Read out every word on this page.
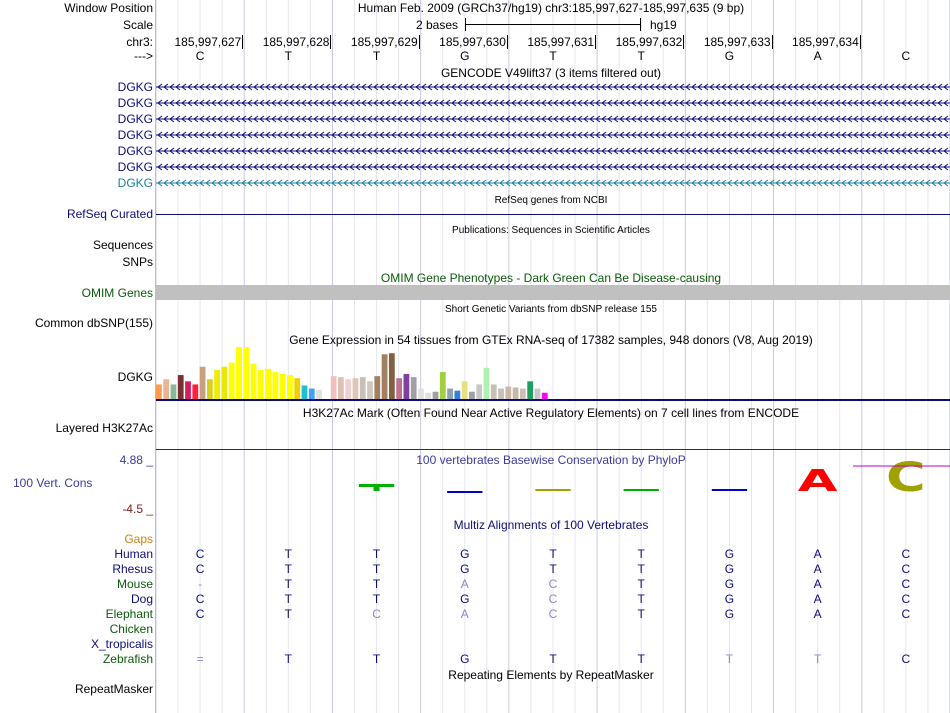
Window Position	Human Feb. 2009 (GRCh37/hg19) chr3:185,997,627-185,997,635 (9 bp)
Scale	2 bases	hg19
chr3: 185,997,627 185,997,628 185,997,629 185,997,630 185,997,631 185,997,632 185,997,633 185,997,634
--->	C	T	T	G	T	T	G	A	C
GENCODE V49lift37 (3 items filtered out)
DGKG
DGKG
DGKG
DGKG
DGKG
DGKG
DGKG
RefSeq genes from NCBI
RefSeq Curated
Publications: Sequences in Scientific Articles
Sequences
SNPs
OMIM Gene Phenotypes - Dark Green Can Be Disease-causing
OMIM Genes
Short Genetic Variants from dbSNP release 155
Common dbSNP(155)
Gene Expression in 54 tissues from GTEx RNA-seq of 17382 samples, 948 donors (V8, Aug 2019)
DGKG
H3K27Ac Mark (Often Found Near Active Regulatory Elements) on 7 cell lines from ENCODE
Layered H3K27Ac
100 vertebrates Basewise Conservation by PhyloP
4.88 _
100 Vert. Cons
-4.5 _
A C
Multiz Alignments of 100 Vertebrates
Gaps
Human	C	T	T	G	T	T	G	A	C
Rhesus	C	T	T	G	T	T	G	A	C
Mouse	-	T	T	A	C	T	G	A	C
Dog	C	T	T	G	C	T	G	A	C
Elephant	C	T	C	A	C	T	G	A	C
Chicken
X_tropicalis
Zebrafish	=	T	T	G	T	T	T	T	C
Repeating Elements by RepeatMasker
RepeatMasker
